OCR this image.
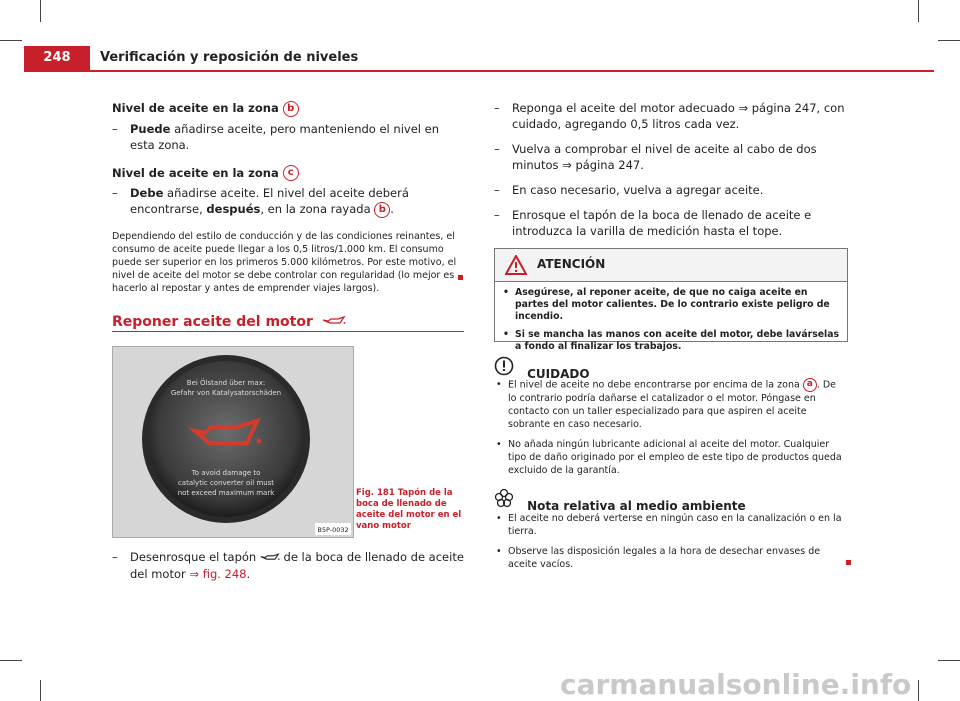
248	Verificación y reposición de niveles

Nivel de aceite en la zona b

– Puede añadirse aceite, pero manteniendo el nivel en esta zona.

Nivel de aceite en la zona c

– Debe añadirse aceite. El nivel del aceite deberá encontrarse, después, en la zona rayada b .

Dependiendo del estilo de conducción y de las condiciones reinantes, el consumo de aceite puede llegar a los 0,5 litros/1.000 km. El consumo puede ser superior en los primeros 5.000 kilómetros. Por este motivo, el nivel de aceite del motor se debe controlar con regularidad (lo mejor es hacerlo al repostar y antes de emprender viajes largos).

Reponer aceite del motor
Bei Ölstand über max:
Gefahr von Katalysatorschäden
To avoid damage to
catalytic converter oil must
not exceed maximum mark
B5P-0032
Fig. 181 Tapón de la boca de llenado de aceite del motor en el vano motor

– Desenrosque el tapón  de la boca de llenado de aceite del motor ⇒ fig. 248.

– Reponga el aceite del motor adecuado ⇒ página 247, con cuidado, agregando 0,5 litros cada vez.

– Vuelva a comprobar el nivel de aceite al cabo de dos minutos ⇒ página 247.

– En caso necesario, vuelva a agregar aceite.

– Enrosque el tapón de la boca de llenado de aceite e introduzca la varilla de medición hasta el tope.

ATENCIÓN

• Asegúrese, al reponer aceite, de que no caiga aceite en partes del motor calientes. De lo contrario existe peligro de incendio.

• Si se mancha las manos con aceite del motor, debe lavárselas a fondo al finalizar los trabajos.

$_{CUIDADO}$

• El nivel de aceite no debe encontrarse por encima de la zona a . De lo contrario podría dañarse el catalizador o el motor. Póngase en contacto con un taller especializado para que aspiren el aceite sobrante en caso necesario.

• No añada ningún lubricante adicional al aceite del motor. Cualquier tipo de daño originado por el empleo de este tipo de productos queda excluido de la garantía.

$_{Nota relativa al medio ambiente}$

• El aceite no deberá verterse en ningún caso en la canalización o en la tierra.

• Observe las disposición legales a la hora de desechar envases de aceite vacíos.

carmanualsonline.info
